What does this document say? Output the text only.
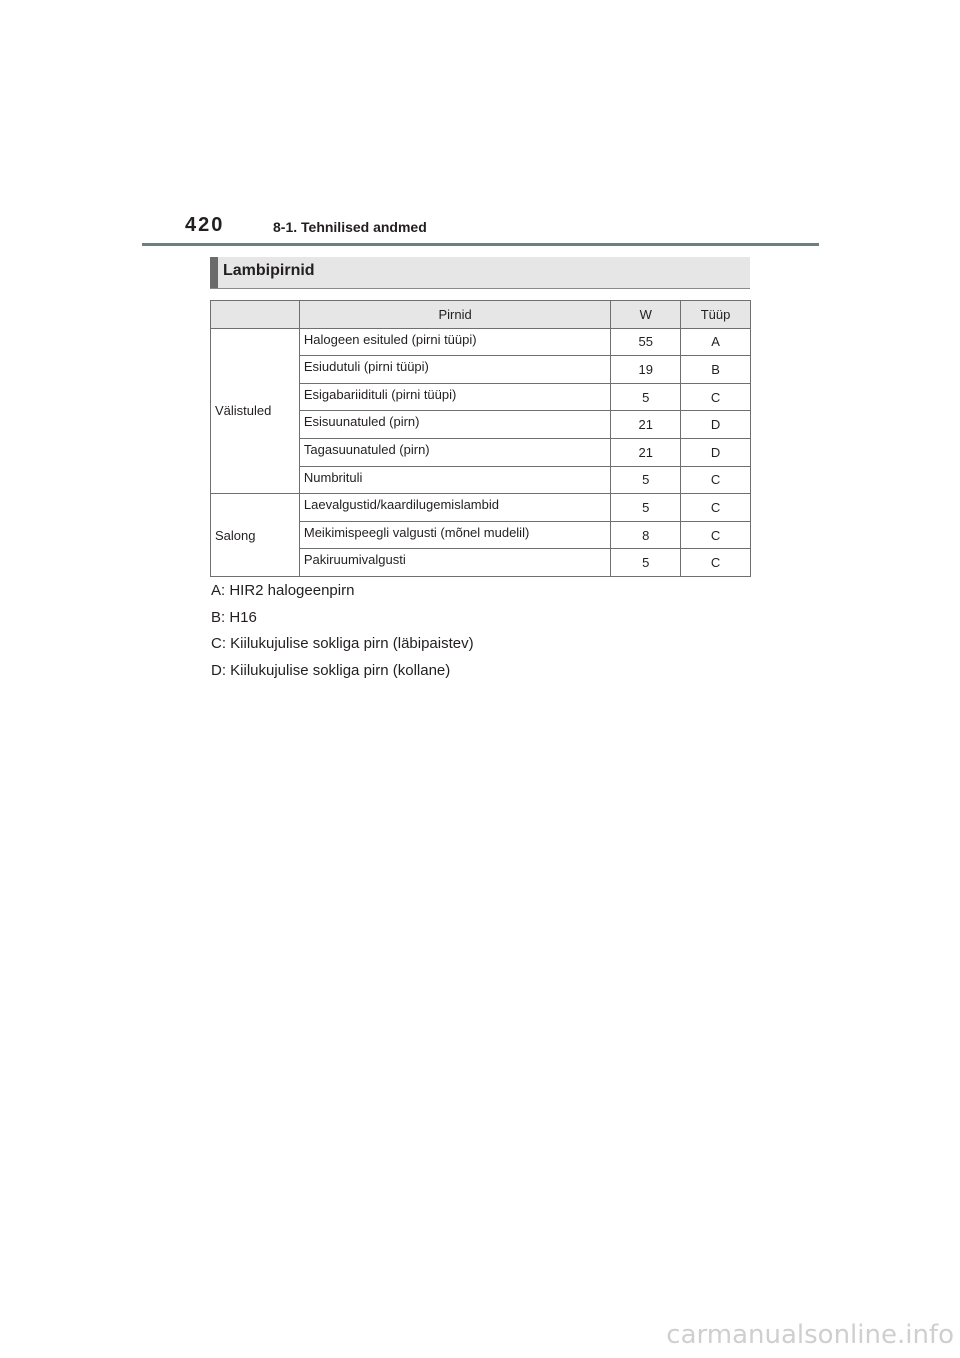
420	8-1. Tehnilised andmed
Lambipirnid
	Pirnid	W	Tüüp
Välistuled	Halogeen esituled (pirni tüüpi)	55	A
	Esiudutuli (pirni tüüpi)	19	B
	Esigabariidituli (pirni tüüpi)	5	C
	Esisuunatuled (pirn)	21	D
	Tagasuunatuled (pirn)	21	D
	Numbrituli	5	C
Salong	Laevalgustid/kaardilugemislambid	5	C
	Meikimispeegli valgusti (mõnel mudelil)	8	C
	Pakiruumivalgusti	5	C
A: HIR2 halogeenpirn
B: H16
C: Kiilukujulise sokliga pirn (läbipaistev)
D: Kiilukujulise sokliga pirn (kollane)
carmanualsonline.info
